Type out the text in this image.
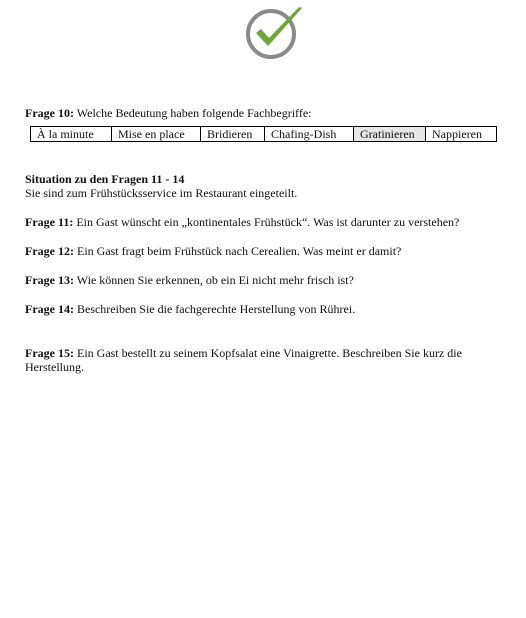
Frage 10: Welche Bedeutung haben folgende Fachbegriffe:
À la minute	Mise en place	Bridieren	Chafing-Dish	Gratinieren	Nappieren
Situation zu den Fragen 11 - 14
Sie sind zum Frühstücksservice im Restaurant eingeteilt.
Frage 11: Ein Gast wünscht ein „kontinentales Frühstück“. Was ist darunter zu verstehen?
Frage 12: Ein Gast fragt beim Frühstück nach Cerealien. Was meint er damit?
Frage 13: Wie können Sie erkennen, ob ein Ei nicht mehr frisch ist?
Frage 14: Beschreiben Sie die fachgerechte Herstellung von Rührei.
Frage 15: Ein Gast bestellt zu seinem Kopfsalat eine Vinaigrette. Beschreiben Sie kurz die Herstellung.
